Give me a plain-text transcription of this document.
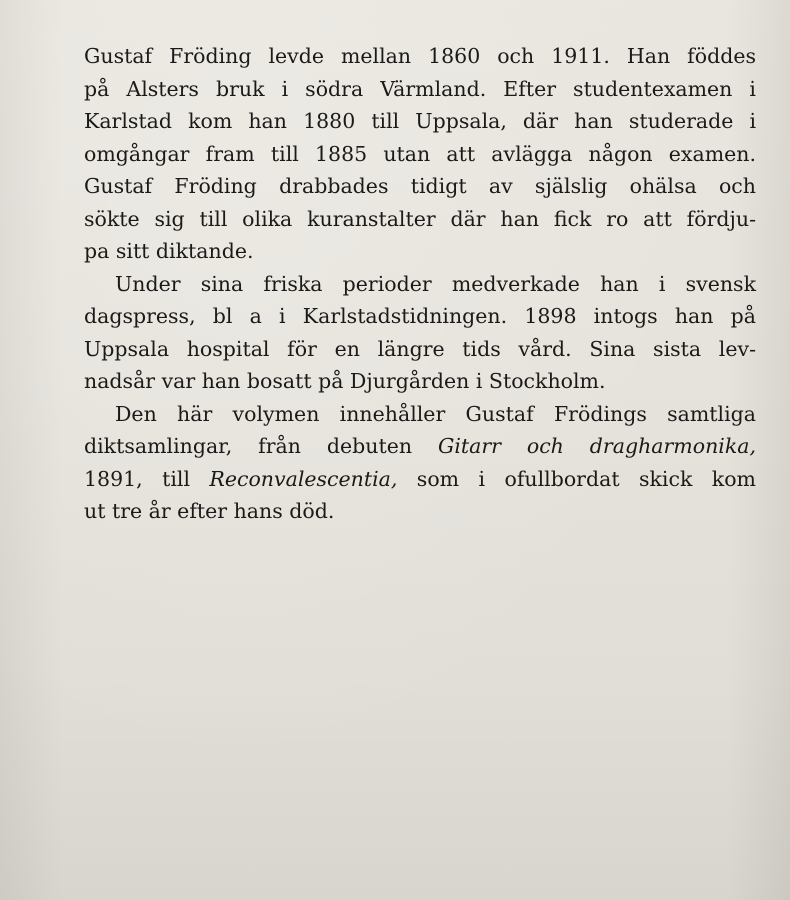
Gustaf Fröding levde mellan 1860 och 1911. Han föddes
på Alsters bruk i södra Värmland. Efter studentexamen i
Karlstad kom han 1880 till Uppsala, där han studerade i
omgångar fram till 1885 utan att avlägga någon examen.
Gustaf Fröding drabbades tidigt av själslig ohälsa och
sökte sig till olika kuranstalter där han fick ro att fördju-
pa sitt diktande.

Under sina friska perioder medverkade han i svensk
dagspress, bl a i Karlstadstidningen. 1898 intogs han på
Uppsala hospital för en längre tids vård. Sina sista lev-
nadsår var han bosatt på Djurgården i Stockholm.

Den här volymen innehåller Gustaf Frödings samtliga
diktsamlingar, från debuten Gitarr och dragharmonika,
1891, till Reconvalescentia, som i ofullbordat skick kom
ut tre år efter hans död.
